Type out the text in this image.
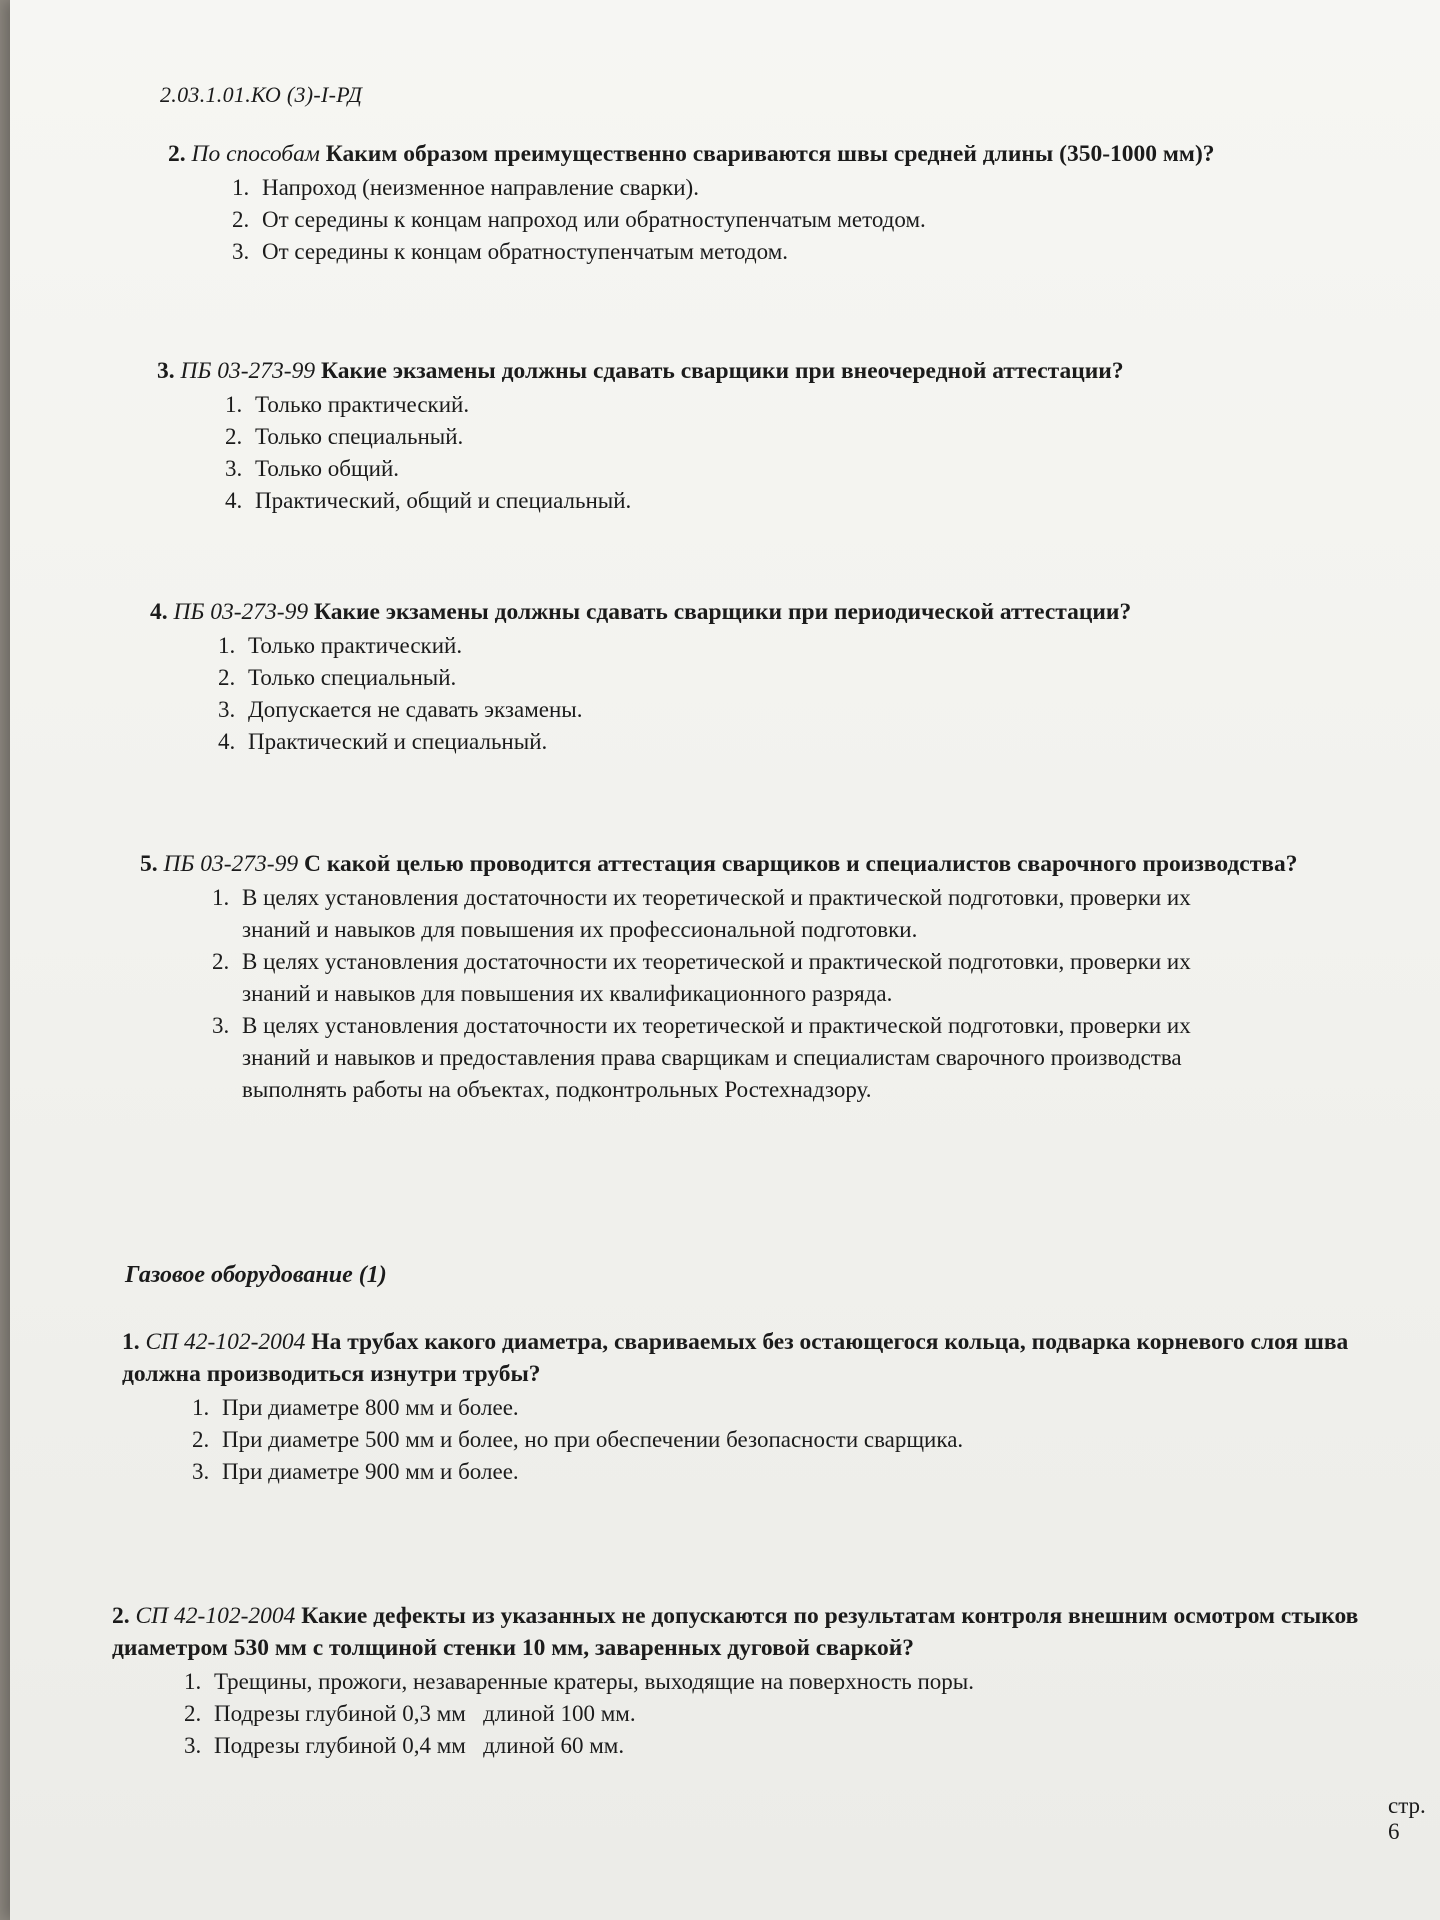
2.03.1.01.КО (3)-I-РД
2. По способам Каким образом преимущественно свариваются швы средней длины (350-1000 мм)?
1. Напроход (неизменное направление сварки).
2. От середины к концам напроход или обратноступенчатым методом.
3. От середины к концам обратноступенчатым методом.
3. ПБ 03-273-99 Какие экзамены должны сдавать сварщики при внеочередной аттестации?
1. Только практический.
2. Только специальный.
3. Только общий.
4. Практический, общий и специальный.
4. ПБ 03-273-99 Какие экзамены должны сдавать сварщики при периодической аттестации?
1. Только практический.
2. Только специальный.
3. Допускается не сдавать экзамены.
4. Практический и специальный.
5. ПБ 03-273-99 С какой целью проводится аттестация сварщиков и специалистов сварочного производства?
1. В целях установления достаточности их теоретической и практической подготовки, проверки их знаний и навыков для повышения их профессиональной подготовки.
2. В целях установления достаточности их теоретической и практической подготовки, проверки их знаний и навыков для повышения их квалификационного разряда.
3. В целях установления достаточности их теоретической и практической подготовки, проверки их знаний и навыков и предоставления права сварщикам и специалистам сварочного производства выполнять работы на объектах, подконтрольных Ростехнадзору.
Газовое оборудование (1)
1. СП 42-102-2004 На трубах какого диаметра, свариваемых без остающегося кольца, подварка корневого слоя шва должна производиться изнутри трубы?
1. При диаметре 800 мм и более.
2. При диаметре 500 мм и более, но при обеспечении безопасности сварщика.
3. При диаметре 900 мм и более.
2. СП 42-102-2004 Какие дефекты из указанных не допускаются по результатам контроля внешним осмотром стыков диаметром 530 мм с толщиной стенки 10 мм, заваренных дуговой сваркой?
1. Трещины, прожоги, незаваренные кратеры, выходящие на поверхность поры.
2. Подрезы глубиной 0,3 мм   длиной 100 мм.
3. Подрезы глубиной 0,4 мм   длиной 60 мм.
стр. 6
